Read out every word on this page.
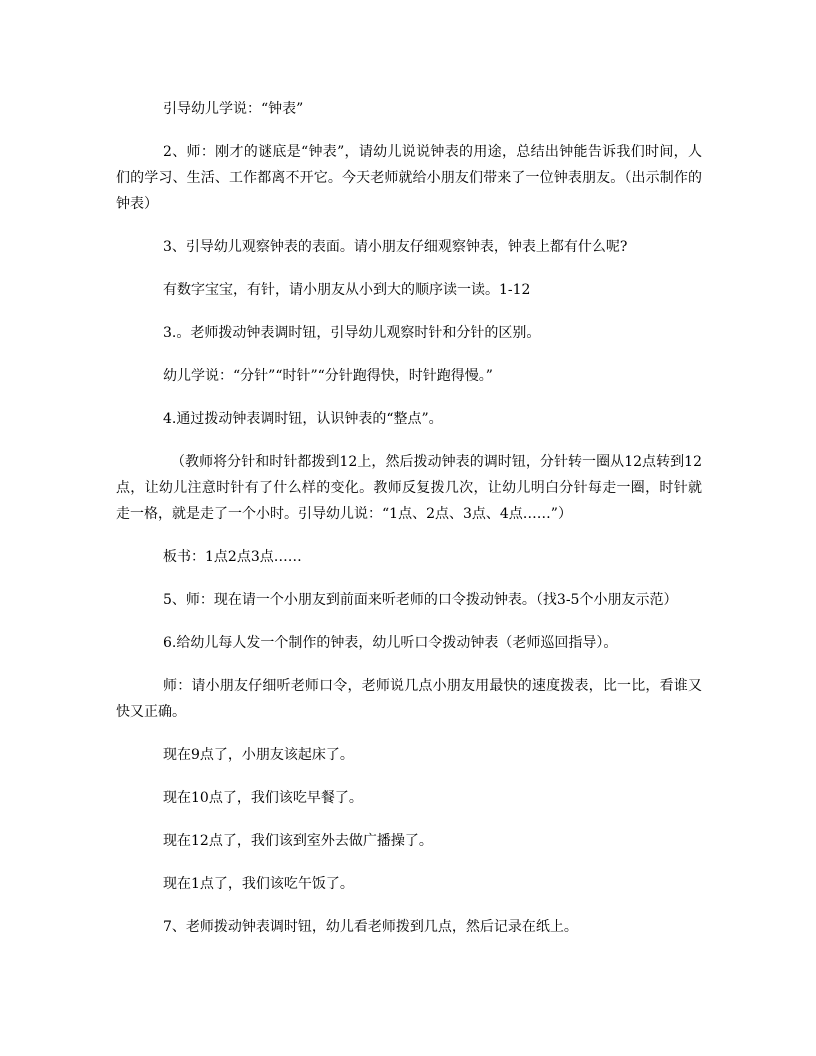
引导幼儿学说：“钟表”

2、师：刚才的谜底是“钟表”，请幼儿说说钟表的用途，总结出钟能告诉我们时间，人们的学习、生活、工作都离不开它。今天老师就给小朋友们带来了一位钟表朋友。（出示制作的钟表）

3、引导幼儿观察钟表的表面。请小朋友仔细观察钟表，钟表上都有什么呢?

有数字宝宝，有针，请小朋友从小到大的顺序读一读。1-12

3.。老师拨动钟表调时钮，引导幼儿观察时针和分针的区别。

幼儿学说：“分针”“时针”“分针跑得快，时针跑得慢。”

4.通过拨动钟表调时钮，认识钟表的“整点”。

（教师将分针和时针都拨到12上，然后拨动钟表的调时钮，分针转一圈从12点转到12点，让幼儿注意时针有了什么样的变化。教师反复拨几次，让幼儿明白分针每走一圈，时针就走一格，就是走了一个小时。引导幼儿说：“1点、2点、3点、4点……”）

板书：1点2点3点……

5、师：现在请一个小朋友到前面来听老师的口令拨动钟表。（找3-5个小朋友示范）

6.给幼儿每人发一个制作的钟表，幼儿听口令拨动钟表（老师巡回指导）。

师：请小朋友仔细听老师口令，老师说几点小朋友用最快的速度拨表，比一比，看谁又快又正确。

现在9点了，小朋友该起床了。

现在10点了，我们该吃早餐了。

现在12点了，我们该到室外去做广播操了。

现在1点了，我们该吃午饭了。

7、老师拨动钟表调时钮，幼儿看老师拨到几点，然后记录在纸上。
